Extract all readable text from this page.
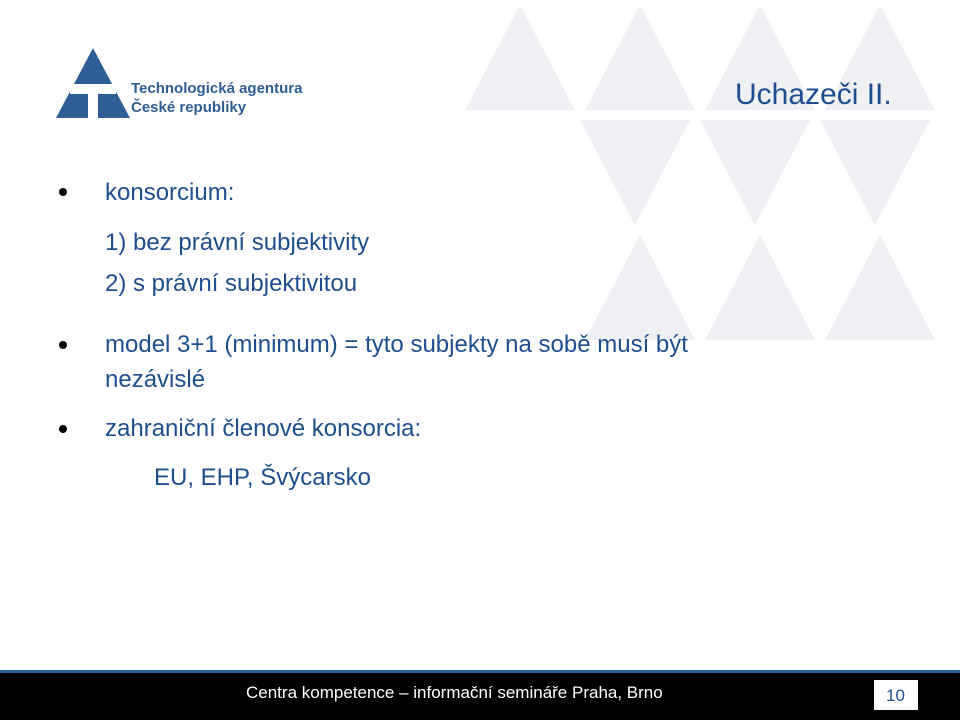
Technologická agentura
České republiky	Uchazeči II.
konsorcium:
1) bez právní subjektivity
2) s právní subjektivitou
model 3+1 (minimum) = tyto subjekty na sobě musí být
nezávislé
zahraniční členové konsorcia:
EU, EHP, Švýcarsko
Centra kompetence – informační semináře Praha, Brno	10
